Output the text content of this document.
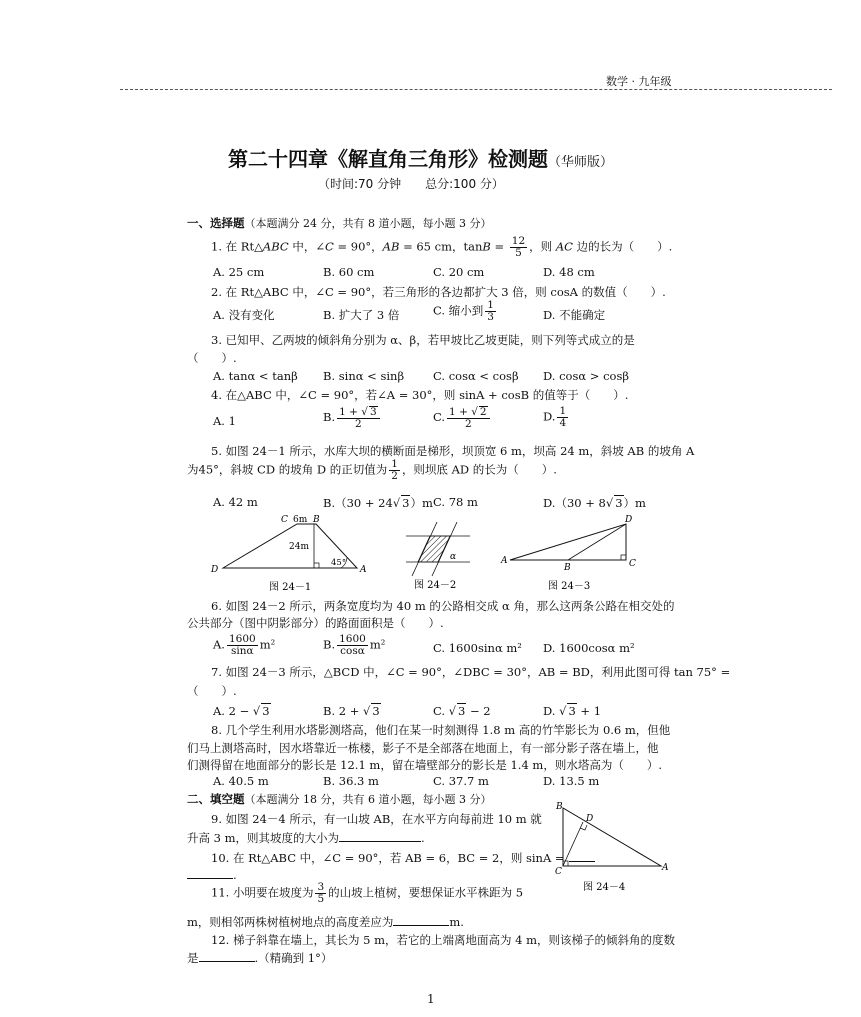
数学 · 九年级
第二十四章《解直角三角形》检测题（华师版）
（时间:70 分钟　　总分:100 分）
一、选择题（本题满分 24 分，共有 8 道小题，每小题 3 分）
1. 在 Rt△ABC 中，∠C = 90°，AB = 65 cm，$\tan B = \frac{12}{5}$ ，则 AC 边的长为（　　）.
A. 25 cm	B. 60 cm	C. 20 cm	D. 48 cm
2. 在 Rt△ABC 中，∠C = 90°，若三角形的各边都扩大 3 倍，则 cosA 的数值（　　）.
A. 没有变化	B. 扩大了 3 倍	C. 缩小到 $\frac{1}{3}$	D. 不能确定
3. 已知甲、乙两坡的倾斜角分别为 α、β，若甲坡比乙坡更陡，则下列等式成立的是
（　　）.
A. tanα < tanβ B. sinα < sinβ	C. cosα < cosβ D. cosα > cosβ
4. 在△ABC 中，∠C = 90°，若∠A = 30°，则 sinA + cosB 的值等于（　　）.
A. 1	B. $\frac{1 + √ 3}{2}$	C. $\frac{1 + √ 2}{2}$	D. $\frac{1}{4}$
5. 如图 24－1 所示，水库大坝的横断面是梯形，坝顶宽 6 m，坝高 24 m，斜坡 AB 的坡角 A
为45°，斜坡 CD 的坡角 D 的正切值为 $\frac{1}{2}$ ，则坝底 AD 的长为（　　）.
A. 42 m	B.（30 + 24√ 3）m C. 78 m	D.（30 + 8√ 3）m
C 6m B
24m
45°
D	A
图 24－1
α
图 24－2
D
A
B	C
图 24－3
6. 如图 24－2 所示，两条宽度均为 40 m 的公路相交成 α 角，那么这两条公路在相交处的
公共部分（图中阴影部分）的路面面积是（　　）.
A. $\frac{1600}{\sin\alpha} m^2$	B. $\frac{1600}{\cos\alpha} m^2$	C. 1600sinα m² D. 1600cosα m²
7. 如图 24－3 所示，△BCD 中，∠C = 90°，∠DBC = 30°，AB = BD，利用此图可得 tan 75° =
（　　）.
A. 2 − √ 3	B. 2 + √ 3	C. √ 3 − 2	D. √ 3 + 1
8. 几个学生利用水塔影测塔高，他们在某一时刻测得 1.8 m 高的竹竿影长为 0.6 m，但他
们马上测塔高时，因水塔靠近一栋楼，影子不是全部落在地面上，有一部分影子落在墙上，他
们测得留在地面部分的影长是 12.1 m，留在墙壁部分的影长是 1.4 m，则水塔高为（　　）.
A. 40.5 m	B. 36.3 m	C. 37.7 m	D. 13.5 m
二、填空题（本题满分 18 分，共有 6 道小题，每小题 3 分）
9. 如图 24－4 所示，有一山坡 AB，在水平方向每前进 10 m 就
升高 3 m，则其坡度的大小为	.
10. 在 Rt△ABC 中，∠C = 90°，若 AB = 6，BC = 2，则 sinA =
.
B
D
C	A
图 24－4
11. 小明要在坡度为 $\frac{3}{5}$ 的山坡上植树，要想保证水平株距为 5
m，则相邻两株树植树地点的高度差应为	m.
12. 梯子斜靠在墙上，其长为 5 m，若它的上端离地面高为 4 m，则该梯子的倾斜角的度数
是	.（精确到 1°）
1
